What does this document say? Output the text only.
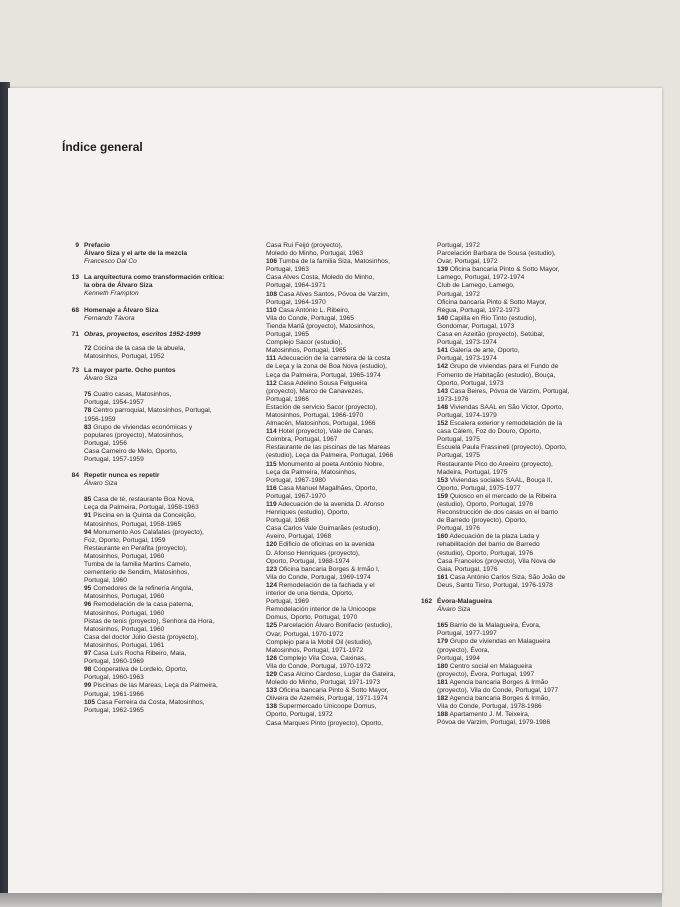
Índice general
9 Prefacio
Álvaro Siza y el arte de la mezcla
Francesco Dal Co
13 La arquitectura como transformación crítica:
la obra de Álvaro Siza
Kenneth Frampton
68 Homenaje a Álvaro Siza
Fernando Távora
71 Obras, proyectos, escritos 1952-1999
72 Cocina de la casa de la abuela,
Matosinhos, Portugal, 1952
73 La mayor parte. Ocho puntos
Álvaro Siza
75 Cuatro casas, Matosinhos,
Portugal, 1954-1957
78 Centro parroquial, Matosinhos, Portugal,
1956-1959
83 Grupo de viviendas económicas y
populares (proyecto), Matosinhos,
Portugal, 1956
Casa Carneiro de Melo, Oporto,
Portugal, 1957-1959
84 Repetir nunca es repetir
Álvaro Siza
85 Casa de té, restaurante Boa Nova,
Leça da Palmeira, Portugal, 1958-1963
91 Piscina en la Quinta da Conceição,
Matosinhos, Portugal, 1958-1965
94 Monumento Aos Calafates (proyecto),
Foz, Oporto, Portugal, 1959
Restaurante en Perafita (proyecto),
Matosinhos, Portugal, 1960
Tumba de la familia Martins Camelo,
cementerio de Sendim, Matosinhos,
Portugal, 1960
95 Comedores de la refinería Angola,
Matosinhos, Portugal, 1960
96 Remodelación de la casa paterna,
Matosinhos, Portugal, 1960
Pistas de tenis (proyecto), Senhora da Hora,
Matosinhos, Portugal, 1960
Casa del doctor Júlio Gesta (proyecto),
Matosinhos, Portugal, 1961
97 Casa Luís Rocha Ribeiro, Maia,
Portugal, 1960-1969
98 Cooperativa de Lordelo, Oporto,
Portugal, 1960-1963
99 Piscinas de las Mareas, Leça da Palmeira,
Portugal, 1961-1966
105 Casa Ferreira da Costa, Matosinhos,
Portugal, 1962-1965
Casa Rui Feijó (proyecto),
Moledo do Minho, Portugal, 1963
106 Tumba de la familia Siza, Matosinhos,
Portugal, 1963
Casa Alves Costa, Moledo do Minho,
Portugal, 1964-1971
108 Casa Alves Santos, Póvoa de Varzim,
Portugal, 1964-1970
110 Casa António L. Ribeiro,
Vila do Conde, Portugal, 1965
Tienda Marlã (proyecto), Matosinhos,
Portugal, 1965
Complejo Sacor (estudio),
Matosinhos, Portugal, 1965
111 Adecuación de la carretera de la costa
de Leça y la zona de Boa Nova (estudio),
Leça da Palmeira, Portugal, 1965-1974
112 Casa Adelino Sousa Felgueira
(proyecto), Marco de Canavezes,
Portugal, 1966
Estación de servicio Sacor (proyecto),
Matosinhos, Portugal, 1966-1970
Almacén, Matosinhos, Portugal, 1966
114 Hotel (proyecto), Vale de Canas,
Coimbra, Portugal, 1967
Restaurante de las piscinas de las Mareas
(estudio), Leça da Palmeira, Portugal, 1966
115 Monumento al poeta António Nobre,
Leça da Palmeira, Matosinhos,
Portugal, 1967-1980
116 Casa Manuel Magalhães, Oporto,
Portugal, 1967-1970
119 Adecuación de la avenida D. Afonso
Henriques (estudio), Oporto,
Portugal, 1968
Casa Carlos Vale Guimarães (estudio),
Aveiro, Portugal, 1968
120 Edificio de oficinas en la avenida
D. Afonso Henriques (proyecto),
Oporto, Portugal, 1968-1974
123 Oficina bancaria Borges & Irmão I,
Vila do Conde, Portugal, 1969-1974
124 Remodelación de la fachada y el
interior de una tienda, Oporto,
Portugal, 1969
Remodelación interior de la Unicoope
Domus, Oporto, Portugal, 1970
125 Parcelación Álvaro Bonifacio (estudio),
Ovar, Portugal, 1970-1972
Complejo para la Mobil Oil (estudio),
Matosinhos, Portugal, 1971-1972
126 Complejo Vila Cova, Caxinas,
Vila do Conde, Portugal, 1970-1972
129 Casa Alcino Cardoso, Lugar da Gateira,
Moledo do Minho, Portugal, 1971-1973
133 Oficina bancaria Pinto & Sotto Mayor,
Oliveira de Azeméis, Portugal, 1971-1974
138 Supermercado Unicoope Domus,
Oporto, Portugal, 1972
Casa Marques Pinto (proyecto), Oporto,
Portugal, 1972
Parcelación Barbara de Sousa (estudio),
Ovar, Portugal, 1972
139 Oficina bancaria Pinto & Sotto Mayor,
Lamego, Portugal, 1972-1974
Club de Lamego, Lamego,
Portugal, 1972
Oficina bancaria Pinto & Sotto Mayor,
Régua, Portugal, 1972-1973
140 Capilla en Rio Tinto (estudio),
Gondomar, Portugal, 1973
Casa en Azeitão (proyecto), Setúbal,
Portugal, 1973-1974
141 Galería de arte, Oporto,
Portugal, 1973-1974
142 Grupo de viviendas para el Fundo de
Fomento de Habitação (estudio), Bouça,
Oporto, Portugal, 1973
143 Casa Beires, Póvoa de Varzim, Portugal,
1973-1976
148 Viviendas SAAL en São Victor, Oporto,
Portugal, 1974-1979
152 Escalera exterior y remodelación de la
casa Cálem, Foz do Douro, Oporto,
Portugal, 1975
Escuela Paula Frassineti (proyecto), Oporto,
Portugal, 1975
Restaurante Pico do Areeiro (proyecto),
Madeira, Portugal, 1975
153 Viviendas sociales SAAL, Bouça II,
Oporto, Portugal, 1975-1977
159 Quiosco en el mercado de la Ribeira
(estudio), Oporto, Portugal, 1976
Reconstrucción de dos casas en el barrio
de Barredo (proyecto), Oporto,
Portugal, 1976
160 Adecuación de la plaza Lada y
rehabilitación del barrio de Barredo
(estudio), Oporto, Portugal, 1976
Casa Francelos (proyecto), Vila Nova de
Gaia, Portugal, 1976
161 Casa António Carlos Siza, São João de
Deus, Santo Tirso, Portugal, 1976-1978
162 Évora-Malagueira
Álvaro Siza
165 Barrio de la Malagueira, Évora,
Portugal, 1977-1997
179 Grupo de viviendas en Malagueira
(proyecto), Évora,
Portugal, 1994
180 Centro social en Malagueira
(proyecto), Évora, Portugal, 1997
181 Agencia bancaria Borges & Irmão
(proyecto), Vila do Conde, Portugal, 1977
182 Agencia bancaria Borges & Irmão,
Vila do Conde, Portugal, 1978-1986
188 Apartamento J. M. Teixeira,
Póvoa de Varzim, Portugal, 1979-1986
